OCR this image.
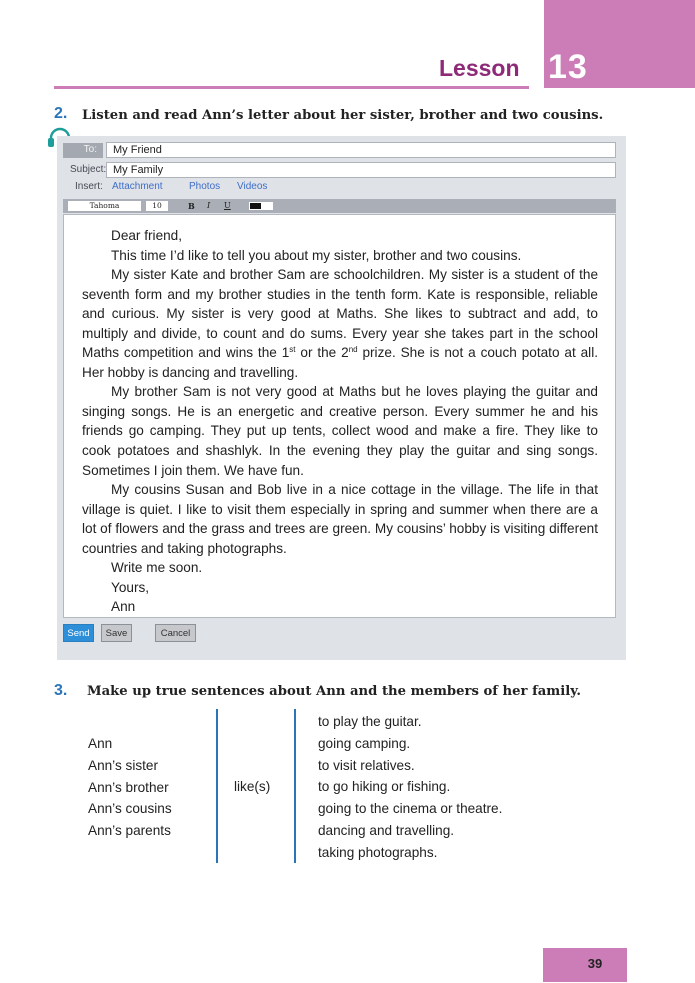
Lesson 13
2. Listen and read Ann’s letter about her sister, brother and two cousins.
To:	My Friend
Subject: My Family
Insert: Attachment	Photos Videos
Tahoma	10	B I U

Dear friend,

This time I’d like to tell you about my sister, brother and two cousins.

My sister Kate and brother Sam are schoolchildren. My sister is a student of the seventh form and my brother studies in the tenth form. Kate is responsible, reliable and curious. My sister is very good at Maths. She likes to subtract and add, to multiply and divide, to count and do sums. Every year she takes part in the school Maths competition and wins the 1st or the 2nd prize. She is not a couch potato at all. Her hobby is dancing and travelling.

My brother Sam is not very good at Maths but he loves playing the guitar and singing songs. He is an energetic and creative person. Every summer he and his friends go camping. They put up tents, collect wood and make a fire. They like to cook potatoes and shashlyk. In the evening they play the guitar and sing songs. Sometimes I join them. We have fun.

My cousins Susan and Bob live in a nice cottage in the village. The life in that village is quiet. I like to visit them especially in spring and summer when there are a lot of flowers and the grass and trees are green. My cousins’ hobby is visiting different countries and taking photographs.

Write me soon.

Yours,

Ann

Send	Save	Cancel
3. Make up true sentences about Ann and the members of her family.
Ann
Ann’s sister
Ann’s brother
Ann’s cousins
Ann’s parents
like(s)
to play the guitar.
going camping.
to visit relatives.
to go hiking or fishing.
going to the cinema or theatre.
dancing and travelling.
taking photographs.
39
